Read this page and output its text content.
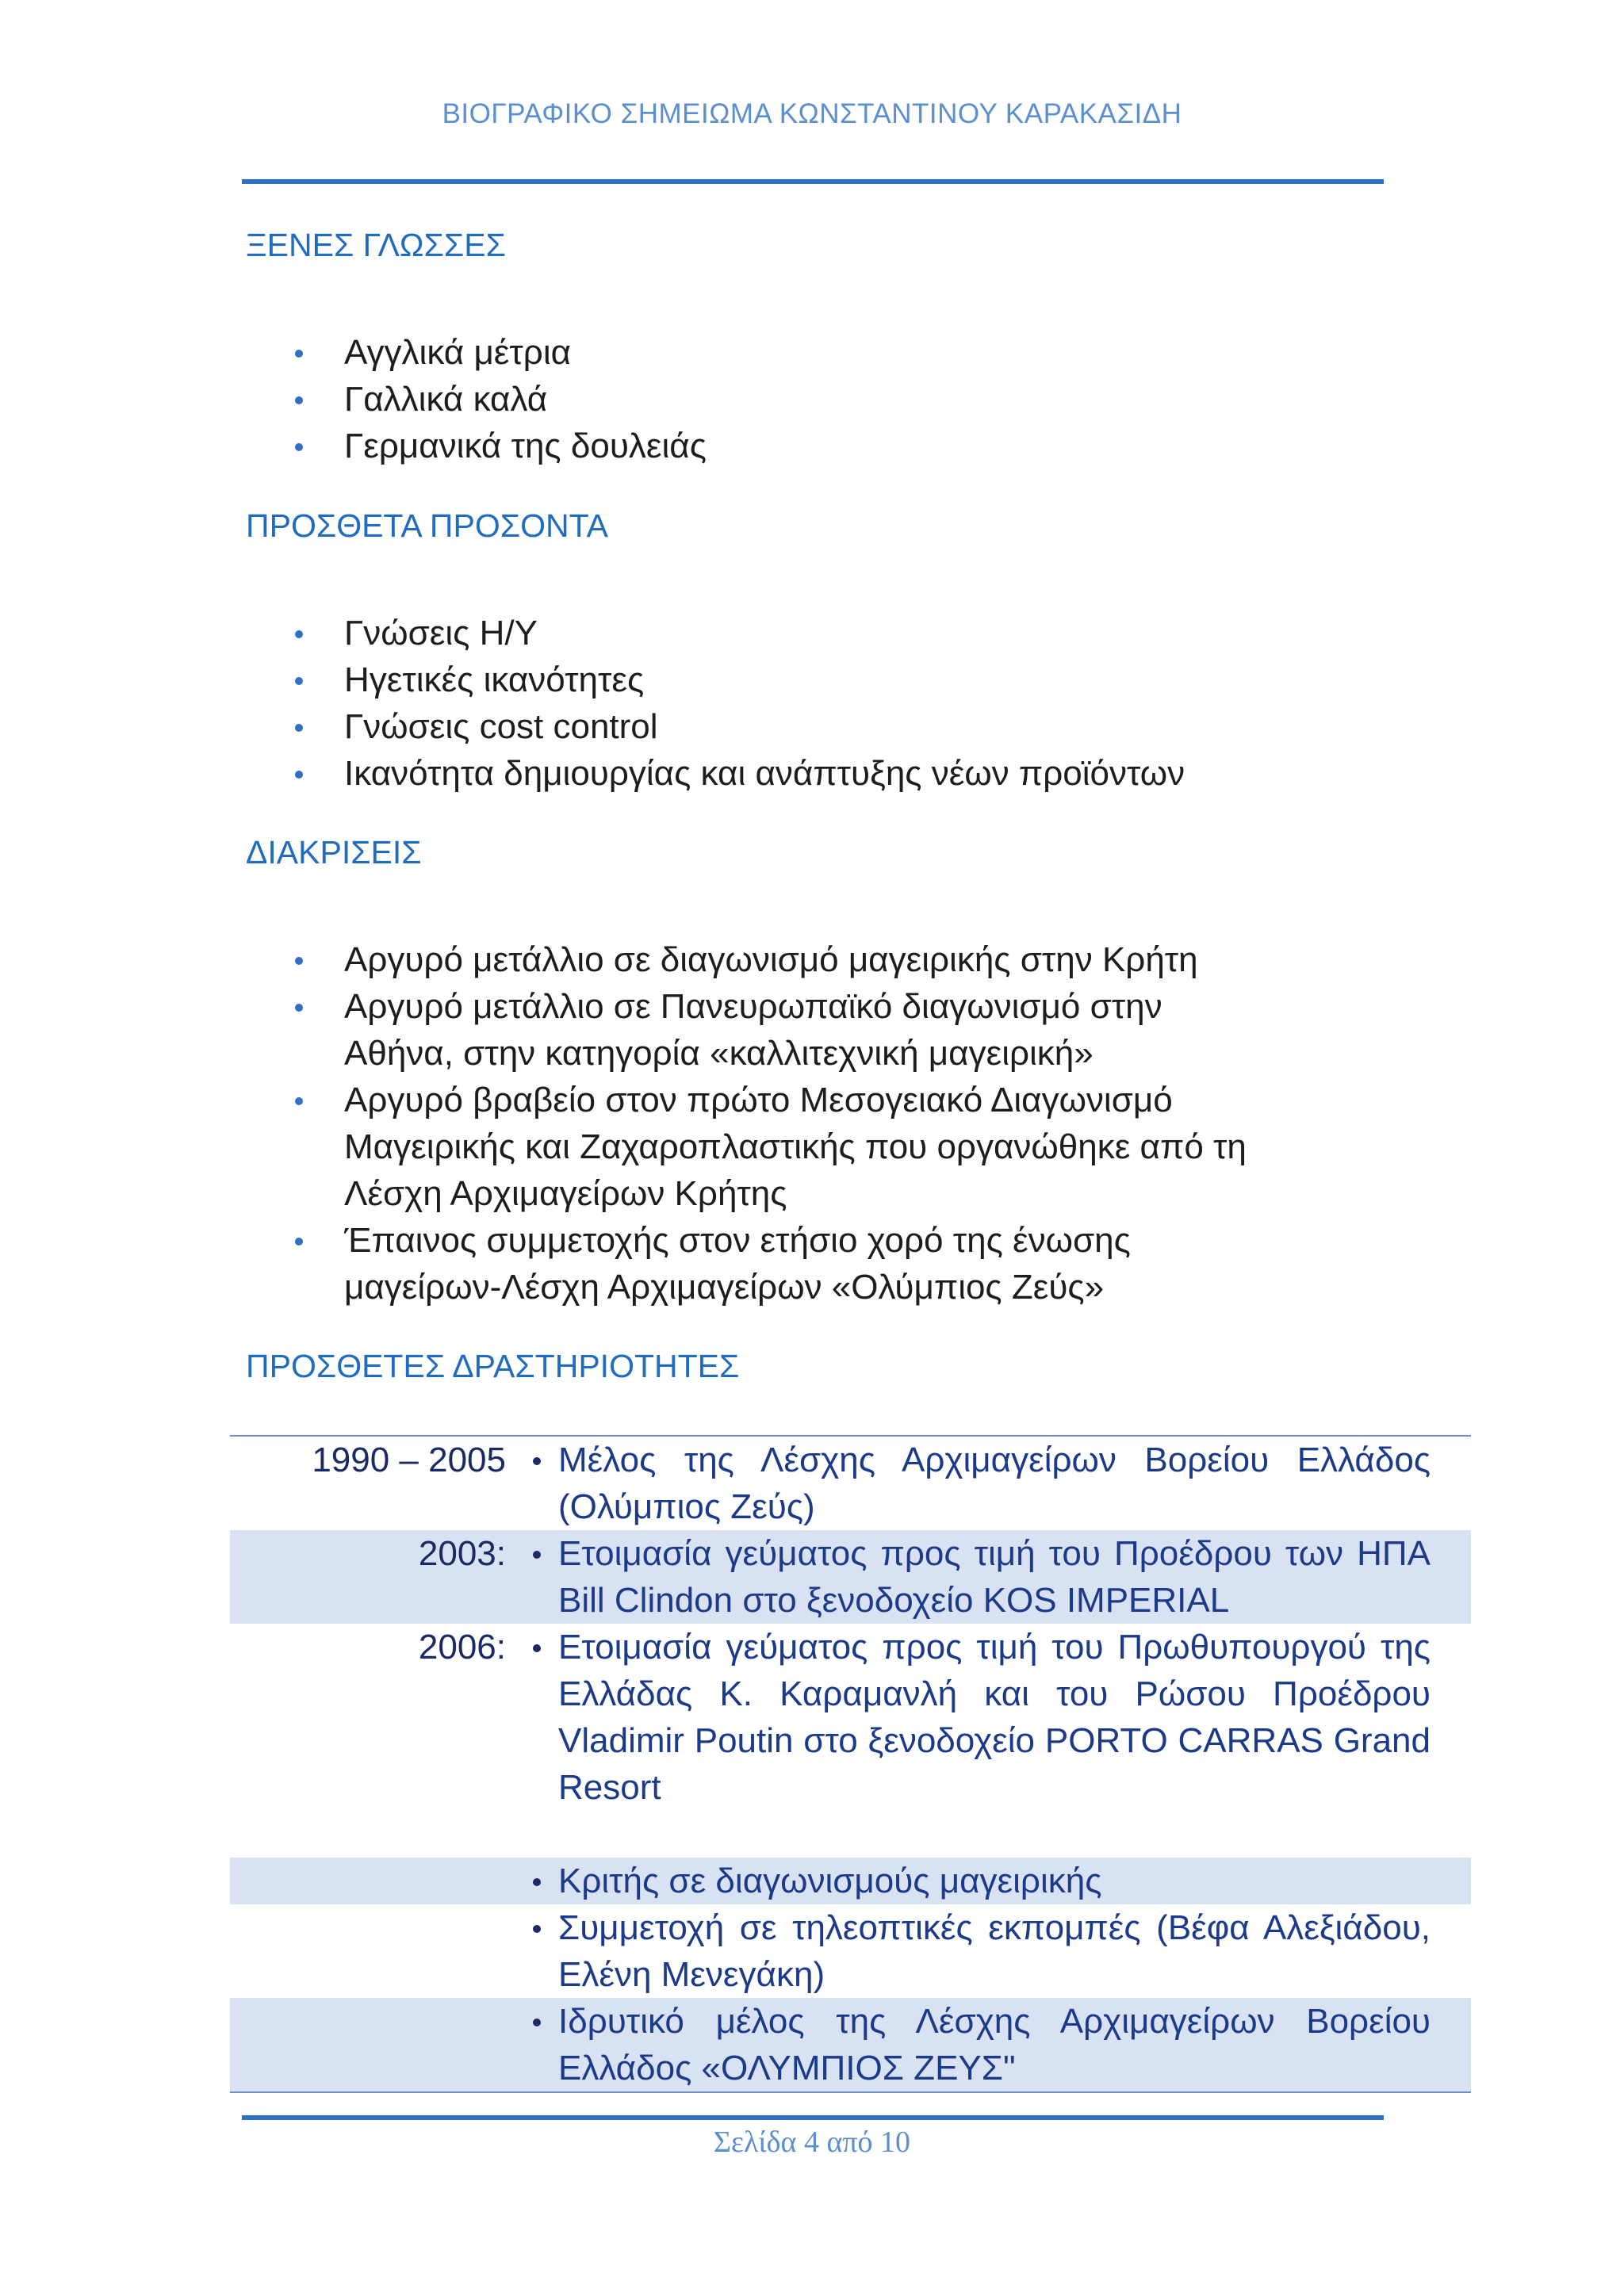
ΒΙΟΓΡΑΦΙΚΟ ΣΗΜΕΙΩΜΑ ΚΩΝΣΤΑΝΤΙΝΟΥ ΚΑΡΑΚΑΣΙΔΗ
ΞΕΝΕΣ ΓΛΩΣΣΕΣ
Αγγλικά μέτρια
Γαλλικά καλά
Γερμανικά της δουλειάς
ΠΡΟΣΘΕΤΑ ΠΡΟΣΟΝΤΑ
Γνώσεις Η/Υ
Ηγετικές ικανότητες
Γνώσεις cost control
Ικανότητα δημιουργίας και ανάπτυξης νέων προϊόντων
ΔΙΑΚΡΙΣΕΙΣ
Αργυρό μετάλλιο σε διαγωνισμό μαγειρικής στην Κρήτη
Αργυρό μετάλλιο σε Πανευρωπαϊκό διαγωνισμό στην Αθήνα, στην κατηγορία «καλλιτεχνική μαγειρική»
Αργυρό βραβείο στον πρώτο Μεσογειακό Διαγωνισμό Μαγειρικής και Ζαχαροπλαστικής που οργανώθηκε από τη Λέσχη Αρχιμαγείρων Κρήτης
Έπαινος συμμετοχής στον ετήσιο χορό της ένωσης μαγείρων-Λέσχη Αρχιμαγείρων «Ολύμπιος Ζεύς»
ΠΡΟΣΘΕΤΕΣ ΔΡΑΣΤΗΡΙΟΤΗΤΕΣ
1990 – 2005 Μέλος της Λέσχης Αρχιμαγείρων Βορείου Ελλάδος (Ολύμπιος Ζεύς)
2003: Ετοιμασία γεύματος προς τιμή του Προέδρου των ΗΠΑ Bill Clindon στο ξενοδοχείο KOS IMPERIAL
2006: Ετοιμασία γεύματος προς τιμή του Πρωθυπουργού της Ελλάδας Κ. Καραμανλή και του Ρώσου Προέδρου Vladimir Poutin στο ξενοδοχείο PORTO CARRAS Grand Resort
Κριτής σε διαγωνισμούς μαγειρικής
Συμμετοχή σε τηλεοπτικές εκπομπές (Βέφα Αλεξιάδου, Ελένη Μενεγάκη)
Ιδρυτικό μέλος της Λέσχης Αρχιμαγείρων Βορείου Ελλάδος «ΟΛΥΜΠΙΟΣ ΖΕΥΣ"
Σελίδα 4 από 10
